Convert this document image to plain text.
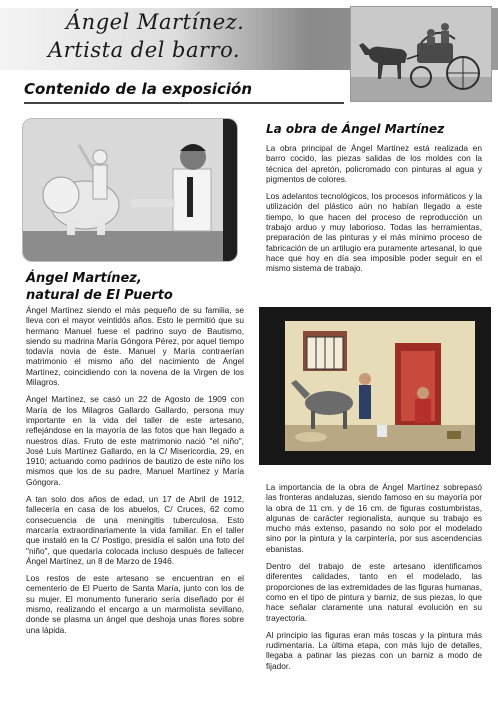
Ángel Martínez.
Artista del barro.
Contenido de la exposición
Ángel Martínez,
natural de El Puerto

Ángel Martínez siendo el más pequeño de su familia, se lleva con el mayor veintidós años. Esto le permitió que su hermano Manuel fuese el padrino suyo de Bautismo, siendo su madrina María Góngora Pérez, por aquel tiempo todavía novia de éste. Manuel y María contraerían matrimonio el mismo año del nacimiento de Ángel Martínez, coincidiendo con la novena de la Virgen de los Milagros.

Ángel Martínez, se casó un 22 de Agosto de 1909 con María de los Milagros Gallardo Gallardo, persona muy importante en la vida del taller de este artesano, reflejándose en la mayoría de las fotos que han llegado a nuestros días. Fruto de este matrimonio nació "el niño", José Luis Martínez Gallardo, en la C/ Misericordia, 29, en 1910; actuando como padrinos de bautizo de este niño los mismos que los de su padre, Manuel Martínez y María Góngora.

A tan solo dos años de edad, un 17 de Abril de 1912, fallecería en casa de los abuelos, C/ Cruces, 62 como consecuencia de una meningitis tuberculosa. Esto marcaría extraordinariamente la vida familiar. En el taller que instaló en la C/ Postigo, presidía el salón una foto del "niño", que quedaría colocada incluso después de fallecer Ángel Martínez, un 8 de Marzo de 1946.

Los restos de este artesano se encuentran en el cementerio de El Puerto de Santa María, junto con los de su mujer. El monumento funerario sería diseñado por él mismo, realizando el encargo a un marmolista sevillano, donde se plasma un ángel que deshoja unas flores sobre una lápida.

La obra de Ángel Martínez

La obra principal de Ángel Martínez está realizada en barro cocido, las piezas salidas de los moldes con la técnica del apretón, policromado con pinturas al agua y pigmentos de colores.

Los adelantos tecnológicos, los procesos informáticos y la utilización del plástico aún no habían llegado a este tiempo, lo que hacen del proceso de reproducción un trabajo arduo y muy laborioso. Todas las herramientas, preparación de las pinturas y el más mínimo proceso de fabricación de un artilugio era puramente artesanal, lo que hace que hoy en día sea imposible poder seguir en el mismo sistema de trabajo.

La importancia de la obra de Ángel Martínez sobrepasó las fronteras andaluzas, siendo famoso en su mayoría por la obra de 11 cm. y de 16 cm. de figuras costumbristas, algunas de carácter regionalista, aunque su trabajo es mucho más extenso, pasando no solo por el modelado sino por la pintura y la carpintería, por sus ascendencias ebanistas.

Dentro del trabajo de este artesano identificamos diferentes calidades, tanto en el modelado, las proporciones de las extremidades de las figuras humanas, como en el tipo de pintura y barniz, de sus piezas, lo que hace señalar claramente una natural evolución en su trayectoria.

Al principio las figuras eran más toscas y la pintura más rudimentaria. La última etapa, con más lujo de detalles, llegaba a patinar las piezas con un barniz a modo de fijador.
